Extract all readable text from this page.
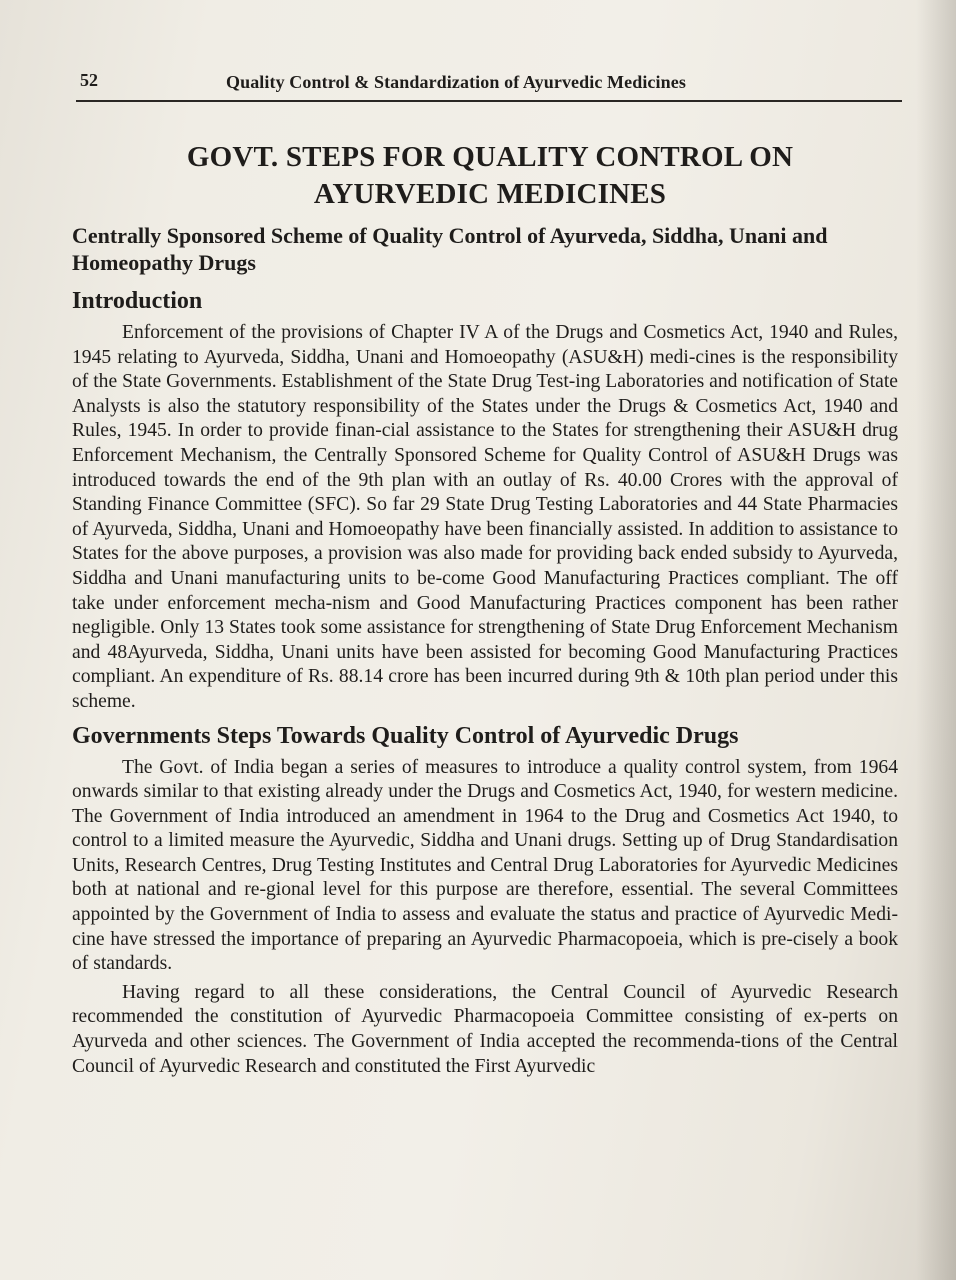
52	Quality Control & Standardization of Ayurvedic Medicines
GOVT. STEPS FOR QUALITY CONTROL ON AYURVEDIC MEDICINES
Centrally Sponsored Scheme of Quality Control of Ayurveda, Siddha, Unani and Homeopathy Drugs
Introduction

Enforcement of the provisions of Chapter IV A of the Drugs and Cosmetics Act, 1940 and Rules, 1945 relating to Ayurveda, Siddha, Unani and Homoeopathy (ASU&H) medi-cines is the responsibility of the State Governments. Establishment of the State Drug Test-ing Laboratories and notification of State Analysts is also the statutory responsibility of the States under the Drugs & Cosmetics Act, 1940 and Rules, 1945. In order to provide finan-cial assistance to the States for strengthening their ASU&H drug Enforcement Mechanism, the Centrally Sponsored Scheme for Quality Control of ASU&H Drugs was introduced towards the end of the 9th plan with an outlay of Rs. 40.00 Crores with the approval of Standing Finance Committee (SFC). So far 29 State Drug Testing Laboratories and 44 State Pharmacies of Ayurveda, Siddha, Unani and Homoeopathy have been financially assisted. In addition to assistance to States for the above purposes, a provision was also made for providing back ended subsidy to Ayurveda, Siddha and Unani manufacturing units to be-come Good Manufacturing Practices compliant. The off take under enforcement mecha-nism and Good Manufacturing Practices component has been rather negligible. Only 13 States took some assistance for strengthening of State Drug Enforcement Mechanism and 48Ayurveda, Siddha, Unani units have been assisted for becoming Good Manufacturing Practices compliant. An expenditure of Rs. 88.14 crore has been incurred during 9th & 10th plan period under this scheme.

Governments Steps Towards Quality Control of Ayurvedic Drugs

The Govt. of India began a series of measures to introduce a quality control system, from 1964 onwards similar to that existing already under the Drugs and Cosmetics Act, 1940, for western medicine. The Government of India introduced an amendment in 1964 to the Drug and Cosmetics Act 1940, to control to a limited measure the Ayurvedic, Siddha and Unani drugs. Setting up of Drug Standardisation Units, Research Centres, Drug Testing Institutes and Central Drug Laboratories for Ayurvedic Medicines both at national and re-gional level for this purpose are therefore, essential. The several Committees appointed by the Government of India to assess and evaluate the status and practice of Ayurvedic Medi-cine have stressed the importance of preparing an Ayurvedic Pharmacopoeia, which is pre-cisely a book of standards.

Having regard to all these considerations, the Central Council of Ayurvedic Research recommended the constitution of Ayurvedic Pharmacopoeia Committee consisting of ex-perts on Ayurveda and other sciences. The Government of India accepted the recommenda-tions of the Central Council of Ayurvedic Research and constituted the First Ayurvedic
